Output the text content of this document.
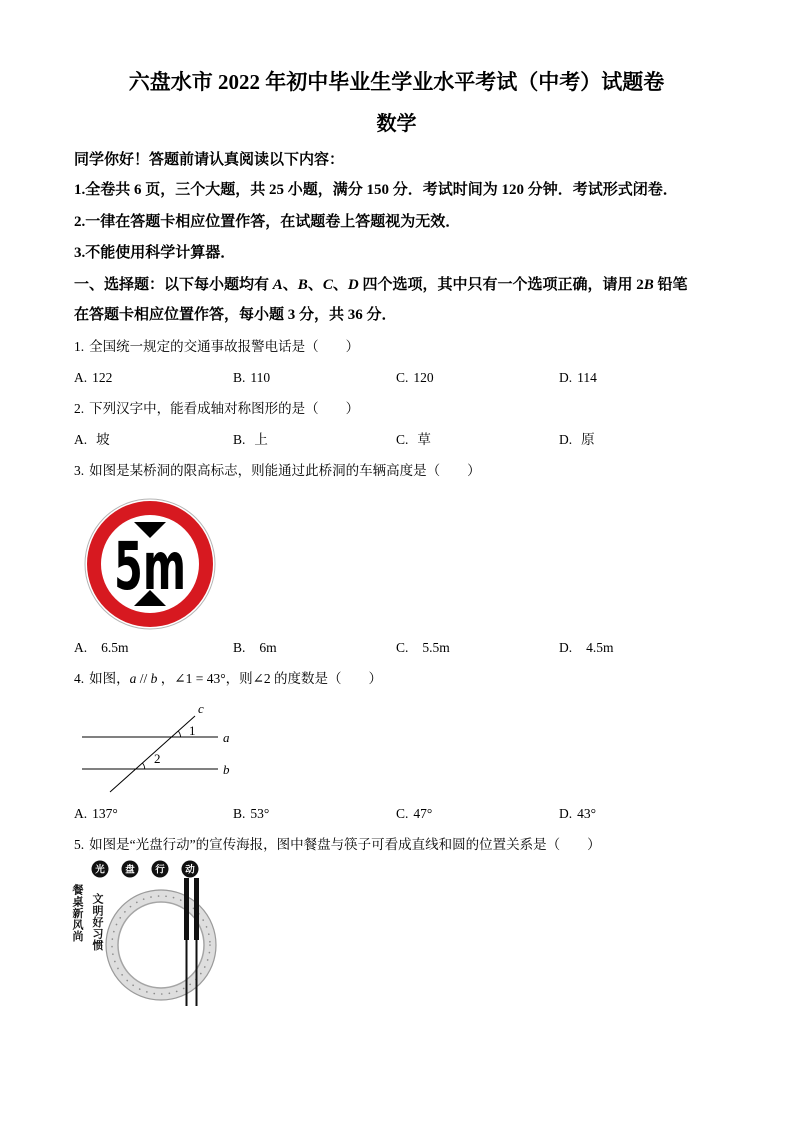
六盘水市 2022 年初中毕业生学业水平考试（中考）试题卷
数学
同学你好！答题前请认真阅读以下内容：
1.全卷共 6 页，三个大题，共 25 小题，满分 150 分．考试时间为 120 分钟．考试形式闭卷．
2.一律在答题卡相应位置作答，在试题卷上答题视为无效．
3.不能使用科学计算器．
一、选择题：以下每小题均有 A、B、C、D 四个选项，其中只有一个选项正确，请用 2B 铅笔
在答题卡相应位置作答，每小题 3 分，共 36 分．
1. 全国统一规定的交通事故报警电话是（　　）
A. 122	B. 110	C. 120	D. 114
2. 下列汉字中，能看成轴对称图形的是（　　）
A. 坡	B. 上	C. 草	D. 原
3. 如图是某桥洞的限高标志，则能通过此桥洞的车辆高度是（　　）
5m
A. 6.5m	B. 6m	C. 5.5m	D. 4.5m
4. 如图，a // b ，∠1 = 43°，则∠2 的度数是（　　）
c
1 a
2
b
A. 137°	B. 53°	C. 47°	D. 43°
5. 如图是“光盘行动”的宣传海报，图中餐盘与筷子可看成直线和圆的位置关系是（　　）
光 盘 行 动
餐桌新风尚 文明好习惯
